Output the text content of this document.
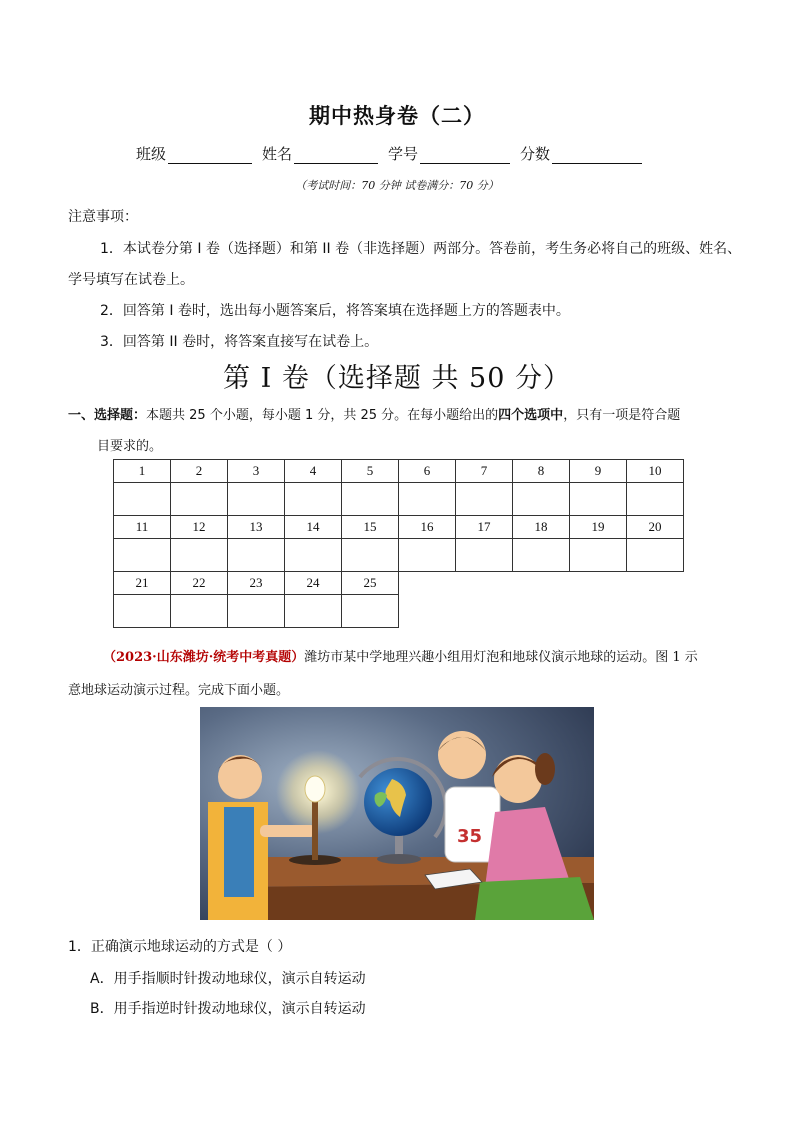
期中热身卷（二）
班级	姓名	学号	分数
（考试时间：70 分钟 试卷满分：70 分）
注意事项：
1．本试卷分第 I 卷（选择题）和第 II 卷（非选择题）两部分。答卷前，考生务必将自己的班级、姓名、
学号填写在试卷上。
2．回答第 I 卷时，选出每小题答案后，将答案填在选择题上方的答题表中。
3．回答第 II 卷时，将答案直接写在试卷上。
第 I 卷（选择题 共 50 分）
一、选择题：本题共 25 个小题，每小题 1 分，共 25 分。在每小题给出的四个选项中，只有一项是符合题
目要求的。
1	2	3	4	5	6	7	8	9	10

11	12	13	14	15	16	17	18	19	20

21	22	23	24	25					

（2023·山东潍坊·统考中考真题）潍坊市某中学地理兴趣小组用灯泡和地球仪演示地球的运动。图 1 示
意地球运动演示过程。完成下面小题。
35
1．正确演示地球运动的方式是（ ）
A．用手指顺时针拨动地球仪，演示自转运动
B．用手指逆时针拨动地球仪，演示自转运动
